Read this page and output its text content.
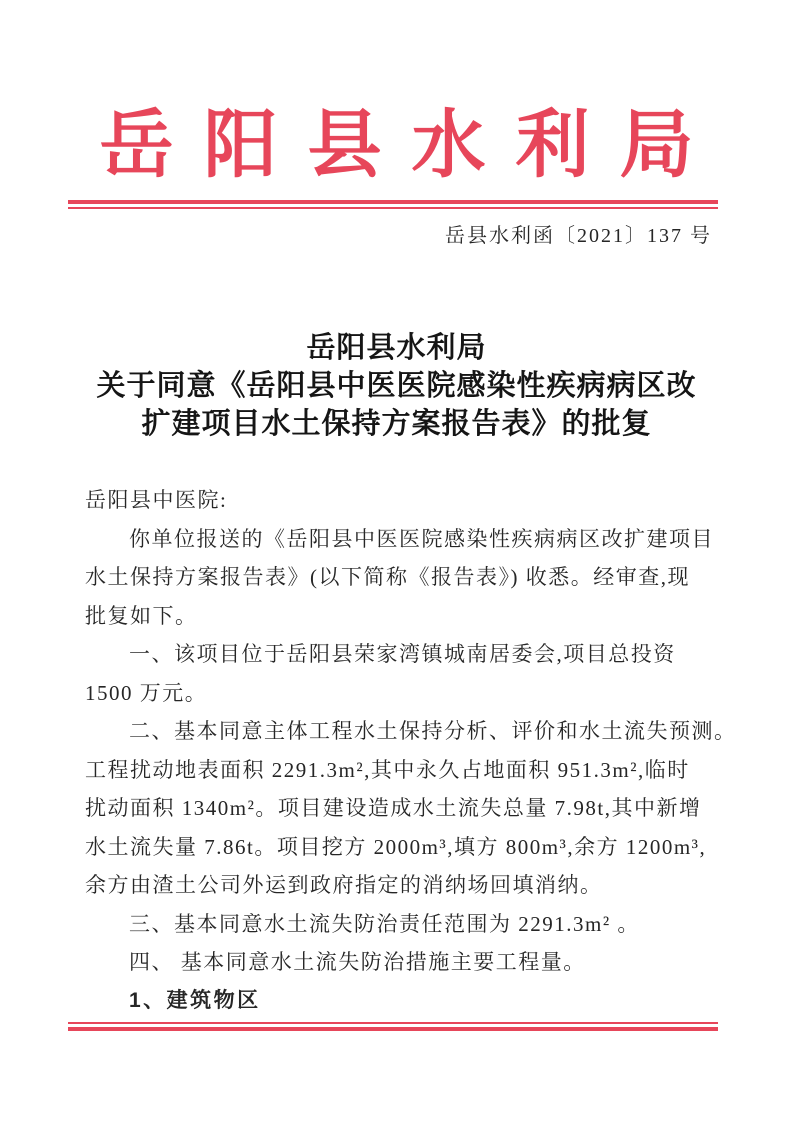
岳阳县水利局
岳县水利函〔2021〕137 号
岳阳县水利局
关于同意《岳阳县中医医院感染性疾病病区改
扩建项目水土保持方案报告表》的批复
岳阳县中医院:
你单位报送的《岳阳县中医医院感染性疾病病区改扩建项目
水土保持方案报告表》(以下简称《报告表》) 收悉。经审查,现
批复如下。
一、该项目位于岳阳县荣家湾镇城南居委会,项目总投资
1500 万元。
二、基本同意主体工程水土保持分析、评价和水土流失预测。
工程扰动地表面积 2291.3m²,其中永久占地面积 951.3m²,临时
扰动面积 1340m²。项目建设造成水土流失总量 7.98t,其中新增
水土流失量 7.86t。项目挖方 2000m³,填方 800m³,余方 1200m³,
余方由渣土公司外运到政府指定的消纳场回填消纳。
三、基本同意水土流失防治责任范围为 2291.3m² 。
四、 基本同意水土流失防治措施主要工程量。
1、建筑物区
